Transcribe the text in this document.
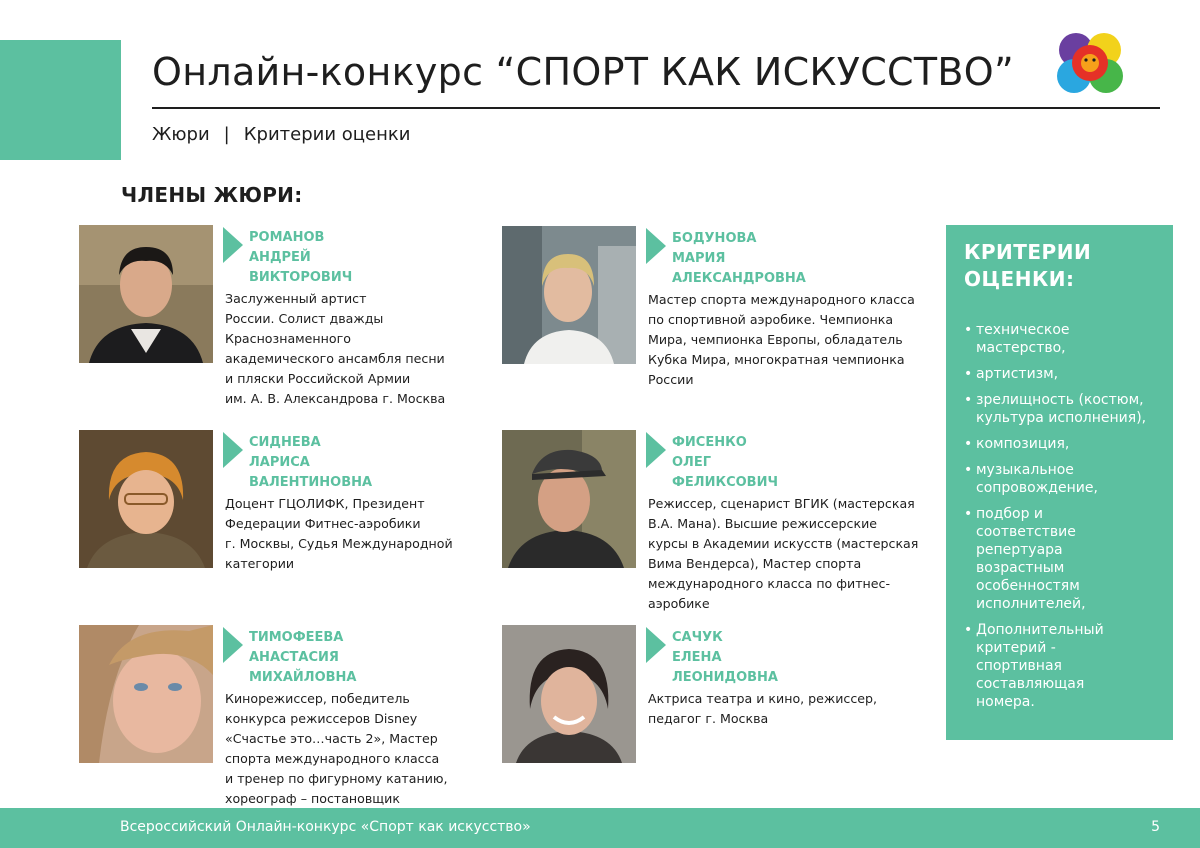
Онлайн-конкурс “СПОРТ КАК ИСКУССТВО”
Жюри | Критерии оценки
ЧЛЕНЫ ЖЮРИ:
РОМАНОВ
АНДРЕЙ
ВИКТОРОВИЧ
Заслуженный артист
России. Солист дважды
Краснознаменного
академического ансамбля песни
и пляски Российской Армии
им. А. В. Александрова г. Москва
БОДУНОВА
МАРИЯ
АЛЕКСАНДРОВНА
Мастер спорта международного класса
по спортивной аэробике. Чемпионка
Мира, чемпионка Европы, обладатель
Кубка Мира, многократная чемпионка
России
СИДНЕВА
ЛАРИСА
ВАЛЕНТИНОВНА
Доцент ГЦОЛИФК, Президент
Федерации Фитнес-аэробики
г. Москвы, Судья Международной
категории
ФИСЕНКО
ОЛЕГ
ФЕЛИКСОВИЧ
Режиссер, сценарист ВГИК (мастерская
В.А. Мана). Высшие режиссерские
курсы в Академии искусств (мастерская
Вима Вендерса), Мастер спорта
международного класса по фитнес-
аэробике
ТИМОФЕЕВА
АНАСТАСИЯ
МИХАЙЛОВНА
Кинорежиссер, победитель
конкурса режиссеров Disney
«Счастье это…часть 2», Мастер
спорта международного класса
и тренер по фигурному катанию,
хореограф – постановщик
САЧУК
ЕЛЕНА
ЛЕОНИДОВНА
Актриса театра и кино, режиссер,
педагог г. Москва
КРИТЕРИИ
ОЦЕНКИ:
• техническое
мастерство,
• артистизм,
• зрелищность (костюм,
культура исполнения),
• композиция,
• музыкальное
сопровождение,
• подбор и
соответствие
репертуара
возрастным
особенностям
исполнителей,
• Дополнительный
критерий -
спортивная
составляющая
номера.
Всероссийский Онлайн-конкурс «Спорт как искусство»	5
